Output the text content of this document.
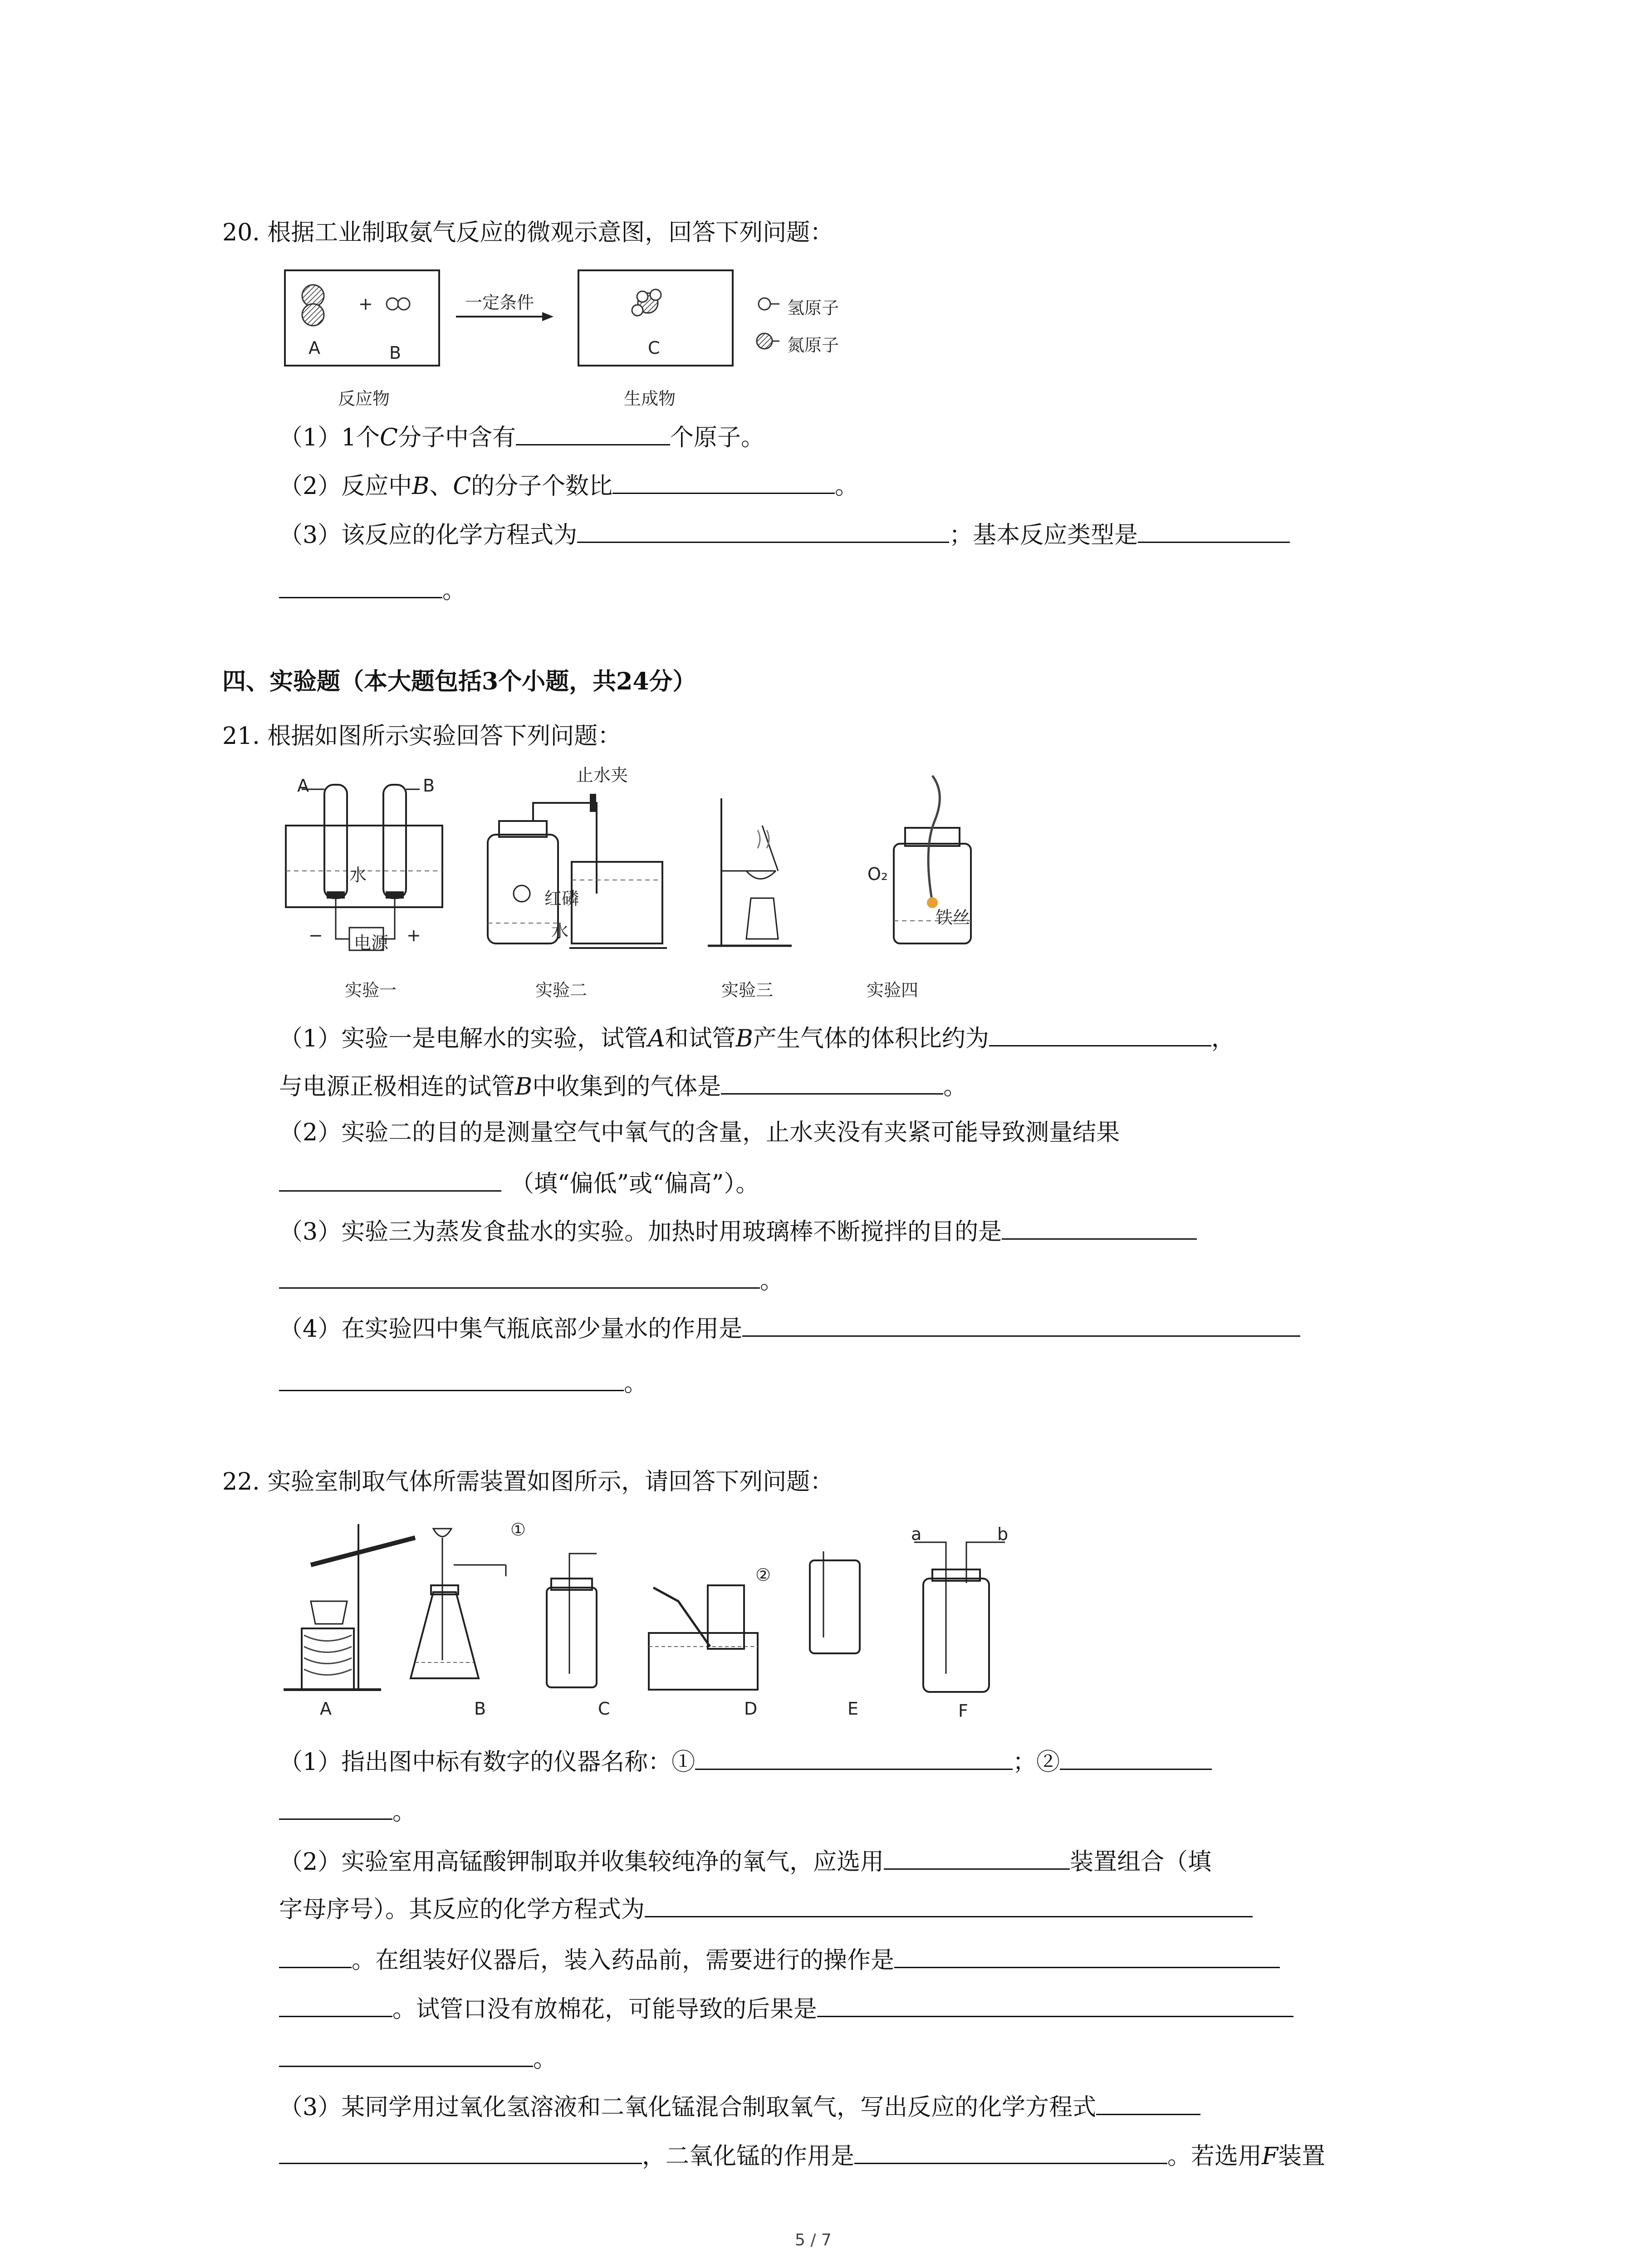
20. 根据工业制取氨气反应的微观示意图，回答下列问题：
A	B
+	一定条件
C
氢原子
氮原子
反应物	生成物
（1）1个C分子中含有	个原子。
（2）反应中B、C的分子个数比	。
（3）该反应的化学方程式为	；基本反应类型是
。
四、实验题（本大题包括3个小题，共24分）
21. 根据如图所示实验回答下列问题：
A	B
水
电源
−	+
止水夹
红磷
水
O₂
铁丝
实验一	实验二	实验三	实验四
（1）实验一是电解水的实验，试管A和试管B产生气体的体积比约为	，
与电源正极相连的试管B中收集到的气体是	。
（2）实验二的目的是测量空气中氧气的含量，止水夹没有夹紧可能导致测量结果
（填“偏低”或“偏高”）。
（3）实验三为蒸发食盐水的实验。加热时用玻璃棒不断搅拌的目的是
。
（4）在实验四中集气瓶底部少量水的作用是
。
22. 实验室制取气体所需装置如图所示，请回答下列问题：
A	B	C	D	E	F
①
②
a	b
（1）指出图中标有数字的仪器名称：①	；②
。
（2）实验室用高锰酸钾制取并收集较纯净的氧气，应选用	装置组合（填
字母序号）。其反应的化学方程式为
。在组装好仪器后，装入药品前，需要进行的操作是
。试管口没有放棉花，可能导致的后果是
。
（3）某同学用过氧化氢溶液和二氧化锰混合制取氧气，写出反应的化学方程式
，二氧化锰的作用是	。若选用F装置
5 / 7
